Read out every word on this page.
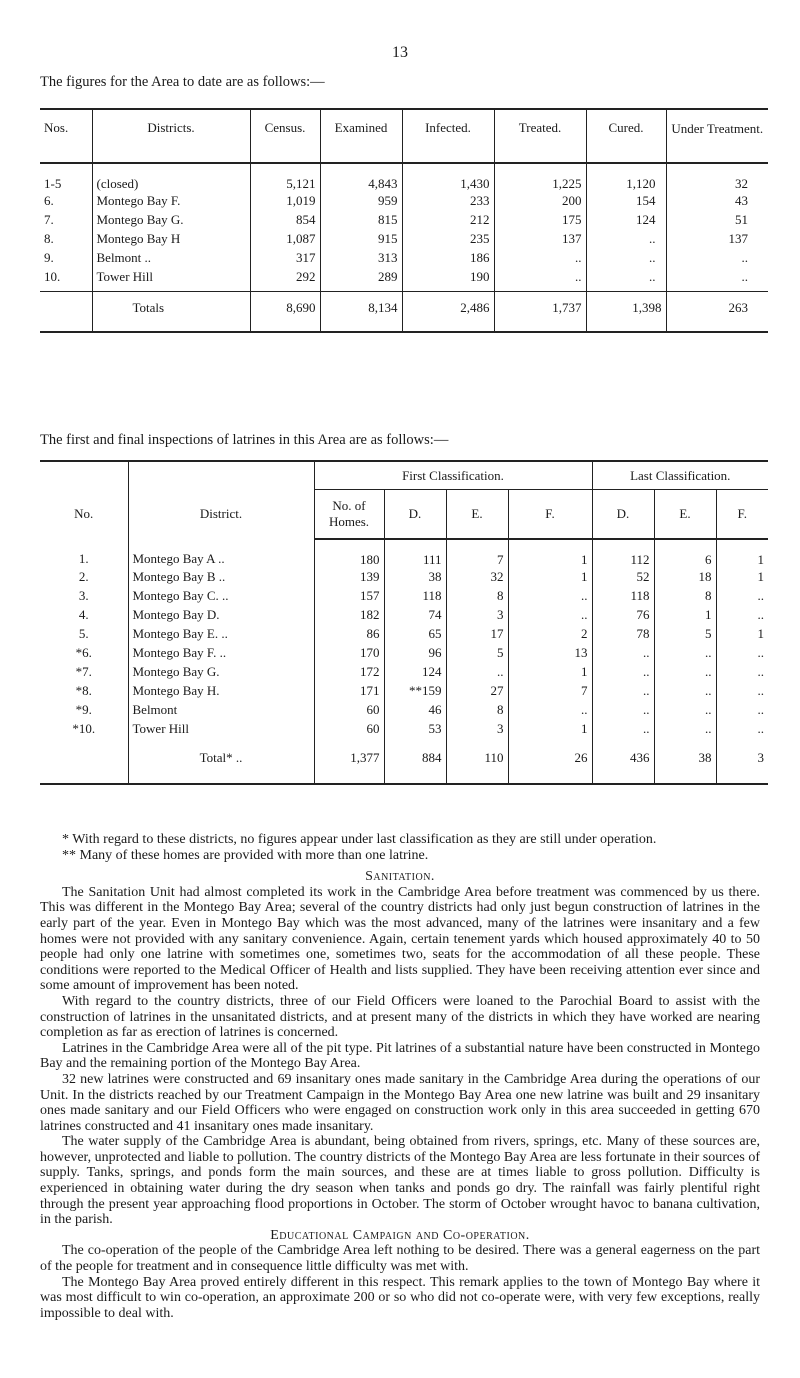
13
The figures for the Area to date are as follows:—
Nos.	Districts.	Census.	Examined	Infected.	Treated.	Cured.	Under Treatment.
1-5	(closed)	5,121	4,843	1,430	1,225	1,120	32
6.	Montego Bay F.	1,019	959	233	200	154	43
7.	Montego Bay G.	854	815	212	175	124	51
8.	Montego Bay H	1,087	915	235	137	..	137
9.	Belmont ..	317	313	186	..	..	..
10.	Tower Hill	292	289	190	..	..	..
	Totals	8,690	8,134	2,486	1,737	1,398	263
The first and final inspections of latrines in this Area are as follows:—
No.	District.	First Classification.				Last Classification.		
		No. of Homes.	D.	E.	F.	D.	E.	F.
1.	Montego Bay A ..	180	111	7	1	112	6	1
2.	Montego Bay B ..	139	38	32	1	52	18	1
3.	Montego Bay C. ..	157	118	8	..	118	8	..
4.	Montego Bay D.	182	74	3	..	76	1	..
5.	Montego Bay E. ..	86	65	17	2	78	5	1
*6.	Montego Bay F. ..	170	96	5	13	..	..	..
*7.	Montego Bay G.	172	124	..	1	..	..	..
*8.	Montego Bay H.	171	**159	27	7	..	..	..
*9.	Belmont	60	46	8	..	..	..	..
*10.	Tower Hill	60	53	3	1	..	..	..
	Total* ..	1,377	884	110	26	436	38	3

* With regard to these districts, no figures appear under last classification as they are still under operation.

** Many of these homes are provided with more than one latrine.

Sanitation.

The Sanitation Unit had almost completed its work in the Cambridge Area before treatment was commenced by us there. This was different in the Montego Bay Area; several of the country districts had only just begun construction of latrines in the early part of the year. Even in Montego Bay which was the most advanced, many of the latrines were insanitary and a few homes were not provided with any sanitary convenience. Again, certain tenement yards which housed approximately 40 to 50 people had only one latrine with sometimes one, sometimes two, seats for the accommodation of all these people. These conditions were reported to the Medical Officer of Health and lists supplied. They have been receiving attention ever since and some amount of improvement has been noted.

With regard to the country districts, three of our Field Officers were loaned to the Parochial Board to assist with the construction of latrines in the unsanitated districts, and at present many of the districts in which they have worked are nearing completion as far as erection of latrines is concerned.

Latrines in the Cambridge Area were all of the pit type. Pit latrines of a substantial nature have been constructed in Montego Bay and the remaining portion of the Montego Bay Area.

32 new latrines were constructed and 69 insanitary ones made sanitary in the Cambridge Area during the operations of our Unit. In the districts reached by our Treatment Campaign in the Montego Bay Area one new latrine was built and 29 insanitary ones made sanitary and our Field Officers who were engaged on construction work only in this area succeeded in getting 670 latrines constructed and 41 insanitary ones made insanitary.

The water supply of the Cambridge Area is abundant, being obtained from rivers, springs, etc. Many of these sources are, however, unprotected and liable to pollution. The country districts of the Montego Bay Area are less fortunate in their sources of supply. Tanks, springs, and ponds form the main sources, and these are at times liable to gross pollution. Difficulty is experienced in obtaining water during the dry season when tanks and ponds go dry. The rainfall was fairly plentiful right through the present year approaching flood proportions in October. The storm of October wrought havoc to banana cultivation, in the parish.

Educational Campaign and Co-operation.

The co-operation of the people of the Cambridge Area left nothing to be desired. There was a general eagerness on the part of the people for treatment and in consequence little difficulty was met with.

The Montego Bay Area proved entirely different in this respect. This remark applies to the town of Montego Bay where it was most difficult to win co-operation, an approximate 200 or so who did not co-operate were, with very few exceptions, really impossible to deal with.
